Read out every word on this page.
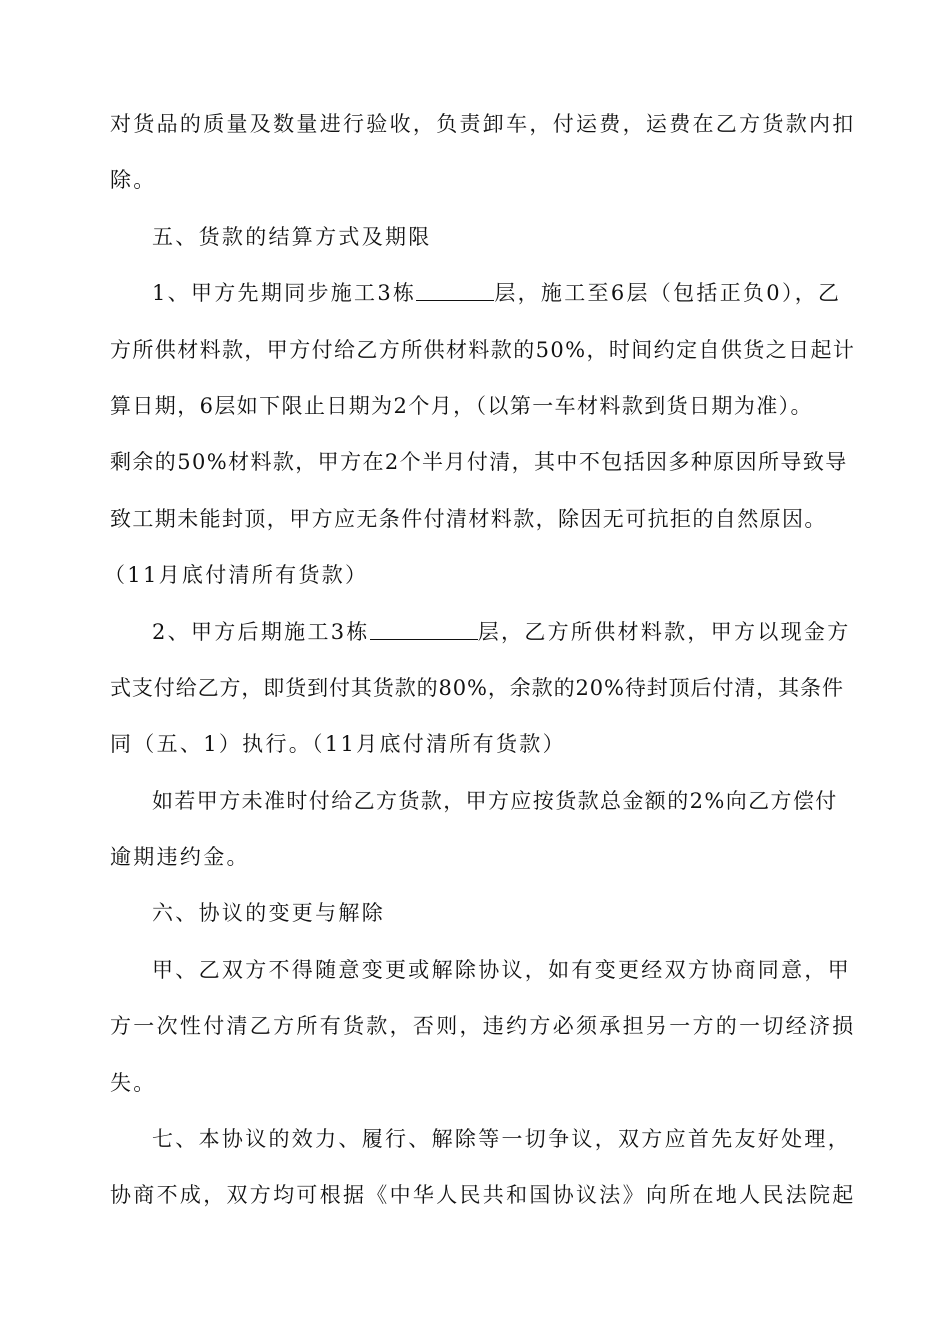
对货品的质量及数量进行验收，负责卸车，付运费，运费在乙方货款内扣
除。
五、货款的结算方式及期限
1、甲方先期同步施工3栋	层，施工至6层（包括正负0），乙
方所供材料款，甲方付给乙方所供材料款的50%，时间约定自供货之日起计
算日期，6层如下限止日期为2个月，（以第一车材料款到货日期为准）。
剩余的50%材料款，甲方在2个半月付清，其中不包括因多种原因所导致导
致工期未能封顶，甲方应无条件付清材料款，除因无可抗拒的自然原因。
（11月底付清所有货款）
2、甲方后期施工3栋	层，乙方所供材料款，甲方以现金方
式支付给乙方，即货到付其货款的80%，余款的20%待封顶后付清，其条件
同（五、1）执行。（11月底付清所有货款）
如若甲方未准时付给乙方货款，甲方应按货款总金额的2%向乙方偿付
逾期违约金。
六、协议的变更与解除
甲、乙双方不得随意变更或解除协议，如有变更经双方协商同意，甲
方一次性付清乙方所有货款，否则，违约方必须承担另一方的一切经济损
失。
七、本协议的效力、履行、解除等一切争议，双方应首先友好处理，
协商不成，双方均可根据《中华人民共和国协议法》向所在地人民法院起
